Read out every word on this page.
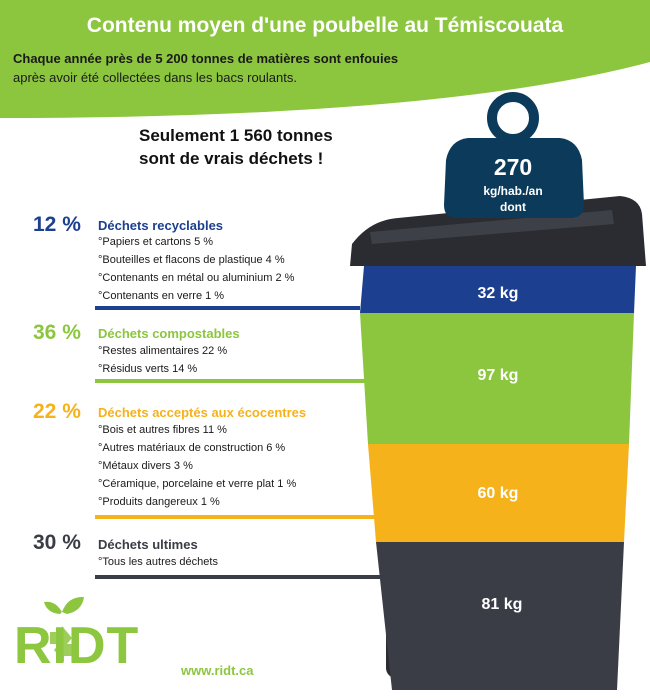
Contenu moyen d'une poubelle au Témiscouata
Chaque année près de 5 200 tonnes de matières sont enfouies
après avoir été collectées dans les bacs roulants.
Seulement 1 560 tonnes
sont de vrais déchets !	270
kg/hab./an
dont
12 % Déchets recyclables
°Papiers et cartons 5 %
°Bouteilles et flacons de plastique 4 %
°Contenants en métal ou aluminium 2 %
°Contenants en verre 1 %	32 kg
36 % Déchets compostables
°Restes alimentaires 22 %
°Résidus verts 14 %	97 kg
22 % Déchets acceptés aux écocentres
°Bois et autres fibres 11 %
°Autres matériaux de construction 6 %
°Métaux divers 3 %
°Céramique, porcelaine et verre plat 1 %
°Produits dangereux 1 %	60 kg
30 % Déchets ultimes
°Tous les autres déchets
81 kg
RIDT	www.ridt.ca
